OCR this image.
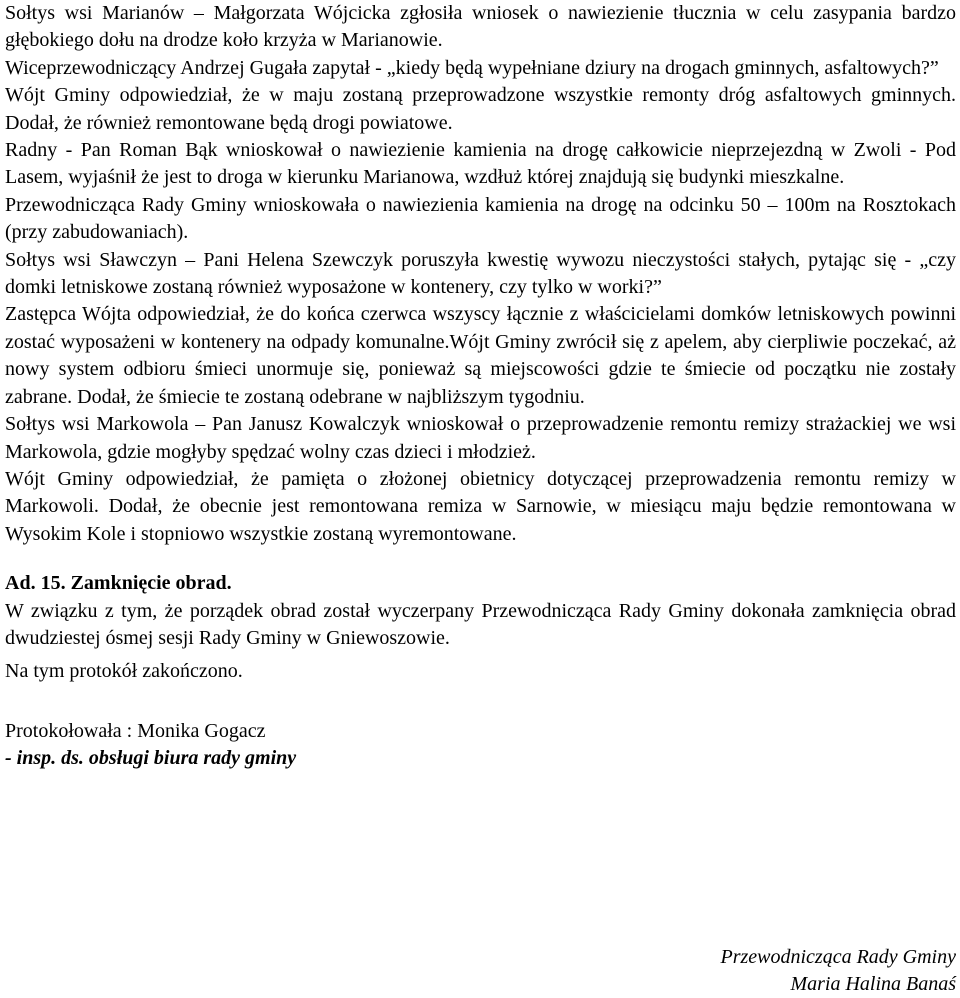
Sołtys wsi Marianów – Małgorzata Wójcicka zgłosiła wniosek o nawiezienie tłucznia w celu zasypania bardzo głębokiego dołu na drodze koło krzyża w Marianowie.

Wiceprzewodniczący Andrzej Gugała zapytał - „kiedy będą wypełniane dziury na drogach gminnych, asfaltowych?”

Wójt Gminy odpowiedział, że w maju zostaną przeprowadzone wszystkie remonty dróg asfaltowych gminnych. Dodał, że również remontowane będą drogi powiatowe.

Radny - Pan Roman Bąk wnioskował o nawiezienie kamienia na drogę całkowicie nieprzejezdną w Zwoli - Pod Lasem, wyjaśnił że jest to droga w kierunku Marianowa, wzdłuż której znajdują się budynki mieszkalne.

Przewodnicząca Rady Gminy wnioskowała o nawiezienia kamienia na drogę na odcinku 50 – 100m na Rosztokach (przy zabudowaniach).

Sołtys wsi Sławczyn – Pani Helena Szewczyk poruszyła kwestię wywozu nieczystości stałych, pytając się - „czy domki letniskowe zostaną również wyposażone w kontenery, czy tylko w worki?”

Zastępca Wójta odpowiedział, że do końca czerwca wszyscy łącznie z właścicielami domków letniskowych powinni zostać wyposażeni w kontenery na odpady komunalne.Wójt Gminy zwrócił się z apelem, aby cierpliwie poczekać, aż nowy system odbioru śmieci unormuje się, ponieważ są miejscowości gdzie te śmiecie od początku nie zostały zabrane. Dodał, że śmiecie te zostaną odebrane w najbliższym tygodniu.

Sołtys wsi Markowola – Pan Janusz Kowalczyk wnioskował o przeprowadzenie remontu remizy strażackiej we wsi Markowola, gdzie mogłyby spędzać wolny czas dzieci i młodzież.

Wójt Gminy odpowiedział, że pamięta o złożonej obietnicy dotyczącej przeprowadzenia remontu remizy w Markowoli. Dodał, że obecnie jest remontowana remiza w Sarnowie, w miesiącu maju będzie remontowana w Wysokim Kole i stopniowo wszystkie zostaną wyremontowane.

Ad. 15. Zamknięcie obrad.

W związku z tym, że porządek obrad został wyczerpany Przewodnicząca Rady Gminy dokonała zamknięcia obrad dwudziestej ósmej sesji Rady Gminy w Gniewoszowie.

Na tym protokół zakończono.

Protokołowała : Monika Gogacz

- insp. ds. obsługi biura rady gminy

Przewodnicząca Rady Gminy
Maria Halina Banaś
